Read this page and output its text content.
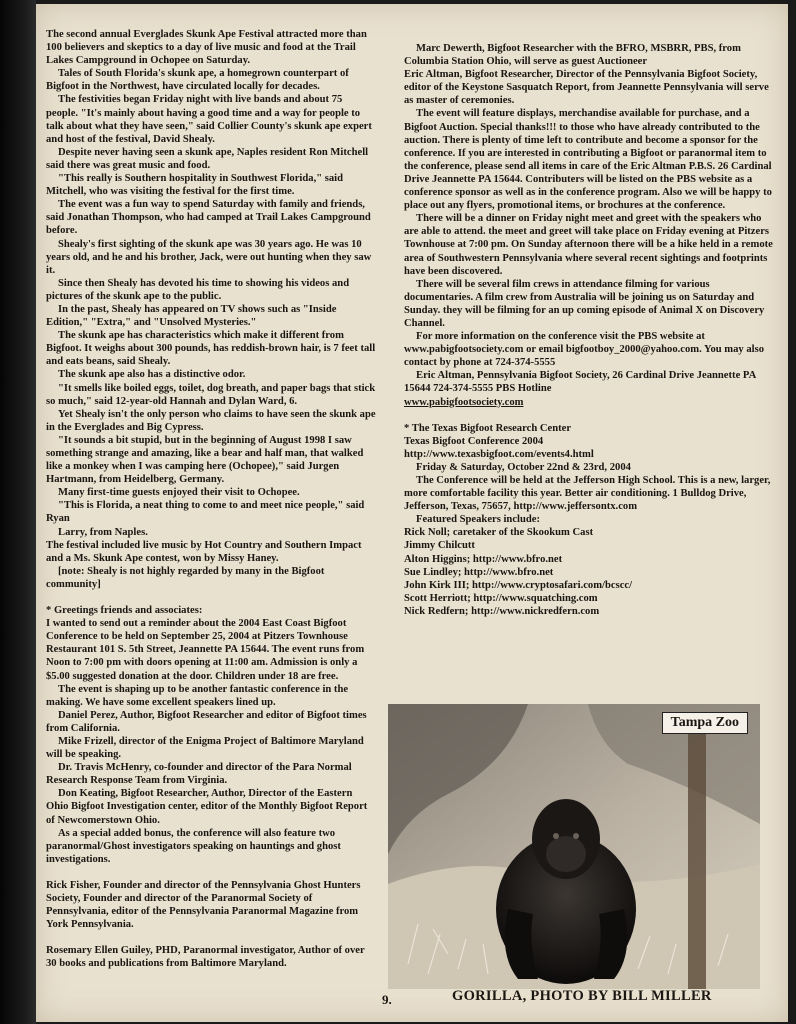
The second annual Everglades Skunk Ape Festival attracted more than 100 believers and skeptics to a day of live music and food at the Trail Lakes Campground in Ochopee on Saturday.

Tales of South Florida's skunk ape, a homegrown counterpart of Bigfoot in the Northwest, have circulated locally for decades.

The festivities began Friday night with live bands and about 75 people. "It's mainly about having a good time and a way for people to talk about what they have seen," said Collier County's skunk ape expert and host of the festival, David Shealy.

Despite never having seen a skunk ape, Naples resident Ron Mitchell said there was great music and food.

"This really is Southern hospitality in Southwest Florida," said Mitchell, who was visiting the festival for the first time.

The event was a fun way to spend Saturday with family and friends, said Jonathan Thompson, who had camped at Trail Lakes Campground before.

Shealy's first sighting of the skunk ape was 30 years ago. He was 10 years old, and he and his brother, Jack, were out hunting when they saw it.

Since then Shealy has devoted his time to showing his videos and pictures of the skunk ape to the public.

In the past, Shealy has appeared on TV shows such as "Inside Edition," "Extra," and "Unsolved Mysteries."

The skunk ape has characteristics which make it different from Bigfoot. It weighs about 300 pounds, has reddish-brown hair, is 7 feet tall and eats beans, said Shealy.

The skunk ape also has a distinctive odor.

"It smells like boiled eggs, toilet, dog breath, and paper bags that stick so much," said 12-year-old Hannah and Dylan Ward, 6.

Yet Shealy isn't the only person who claims to have seen the skunk ape in the Everglades and Big Cypress.

"It sounds a bit stupid, but in the beginning of August 1998 I saw something strange and amazing, like a bear and half man, that walked like a monkey when I was camping here (Ochopee)," said Jurgen Hartmann, from Heidelberg, Germany.

Many first-time guests enjoyed their visit to Ochopee.

"This is Florida, a neat thing to come to and meet nice people," said Ryan

Larry, from Naples.

The festival included live music by Hot Country and Southern Impact and a Ms. Skunk Ape contest, won by Missy Haney.

[note: Shealy is not highly regarded by many in the Bigfoot community]

* Greetings friends and associates:

I wanted to send out a reminder about the 2004 East Coast Bigfoot Conference to be held on September 25, 2004 at Pitzers Townhouse Restaurant 101 S. 5th Street, Jeannette PA 15644. The event runs from Noon to 7:00 pm with doors opening at 11:00 am. Admission is only a $5.00 suggested donation at the door. Children under 18 are free.

The event is shaping up to be another fantastic conference in the making. We have some excellent speakers lined up.

Daniel Perez, Author, Bigfoot Researcher and editor of Bigfoot times from California.

Mike Frizell, director of the Enigma Project of Baltimore Maryland will be speaking.

Dr. Travis McHenry, co-founder and director of the Para Normal Research Response Team from Virginia.

Don Keating, Bigfoot Researcher, Author, Director of the Eastern Ohio Bigfoot Investigation center, editor of the Monthly Bigfoot Report of Newcomerstown Ohio.

As a special added bonus, the conference will also feature two paranormal/Ghost investigators speaking on hauntings and ghost investigations.

Rick Fisher, Founder and director of the Pennsylvania Ghost Hunters Society, Founder and director of the Paranormal Society of Pennsylvania, editor of the Pennsylvania Paranormal Magazine from York Pennsylvania.

Rosemary Ellen Guiley, PHD, Paranormal investigator, Author of over 30 books and publications from Baltimore Maryland.

Marc Dewerth, Bigfoot Researcher with the BFRO, MSBRR, PBS, from Columbia Station Ohio, will serve as guest Auctioneer

Eric Altman, Bigfoot Researcher, Director of the Pennsylvania Bigfoot Society, editor of the Keystone Sasquatch Report, from Jeannette Pennsylvania will serve as master of ceremonies.

The event will feature displays, merchandise available for purchase, and a Bigfoot Auction. Special thanks!!! to those who have already contributed to the auction. There is plenty of time left to contribute and become a sponsor for the conference. If you are interested in contributing a Bigfoot or paranormal item to the conference, please send all items in care of the Eric Altman P.B.S. 26 Cardinal Drive Jeannette PA 15644. Contributers will be listed on the PBS website as a conference sponsor as well as in the conference program. Also we will be happy to place out any flyers, promotional items, or brochures at the conference.

There will be a dinner on Friday night meet and greet with the speakers who are able to attend. the meet and greet will take place on Friday evening at Pitzers Townhouse at 7:00 pm. On Sunday afternoon there will be a hike held in a remote area of Southwestern Pennsylvania where several recent sightings and footprints have been discovered.

There will be several film crews in attendance filming for various documentaries. A film crew from Australia will be joining us on Saturday and Sunday. they will be filming for an up coming episode of Animal X on Discovery Channel.

For more information on the conference visit the PBS website at www.pabigfootsociety.com or email bigfootboy_2000@yahoo.com. You may also contact by phone at 724-374-5555

Eric Altman, Pennsylvania Bigfoot Society, 26 Cardinal Drive Jeannette PA 15644 724-374-5555 PBS Hotline

www.pabigfootsociety.com

* The Texas Bigfoot Research Center

Texas Bigfoot Conference 2004

http://www.texasbigfoot.com/events4.html

Friday & Saturday, October 22nd & 23rd, 2004

The Conference will be held at the Jefferson High School. This is a new, larger, more comfortable facility this year. Better air conditioning. 1 Bulldog Drive, Jefferson, Texas, 75657, http://www.jeffersontx.com

Featured Speakers include:

Rick Noll; caretaker of the Skookum Cast

Jimmy Chilcutt

Alton Higgins; http://www.bfro.net

Sue Lindley; http://www.bfro.net

John Kirk III; http://www.cryptosafari.com/bcscc/

Scott Herriott; http://www.squatching.com

Nick Redfern; http://www.nickredfern.com

Tampa Zoo
9.	GORILLA, PHOTO BY BILL MILLER
